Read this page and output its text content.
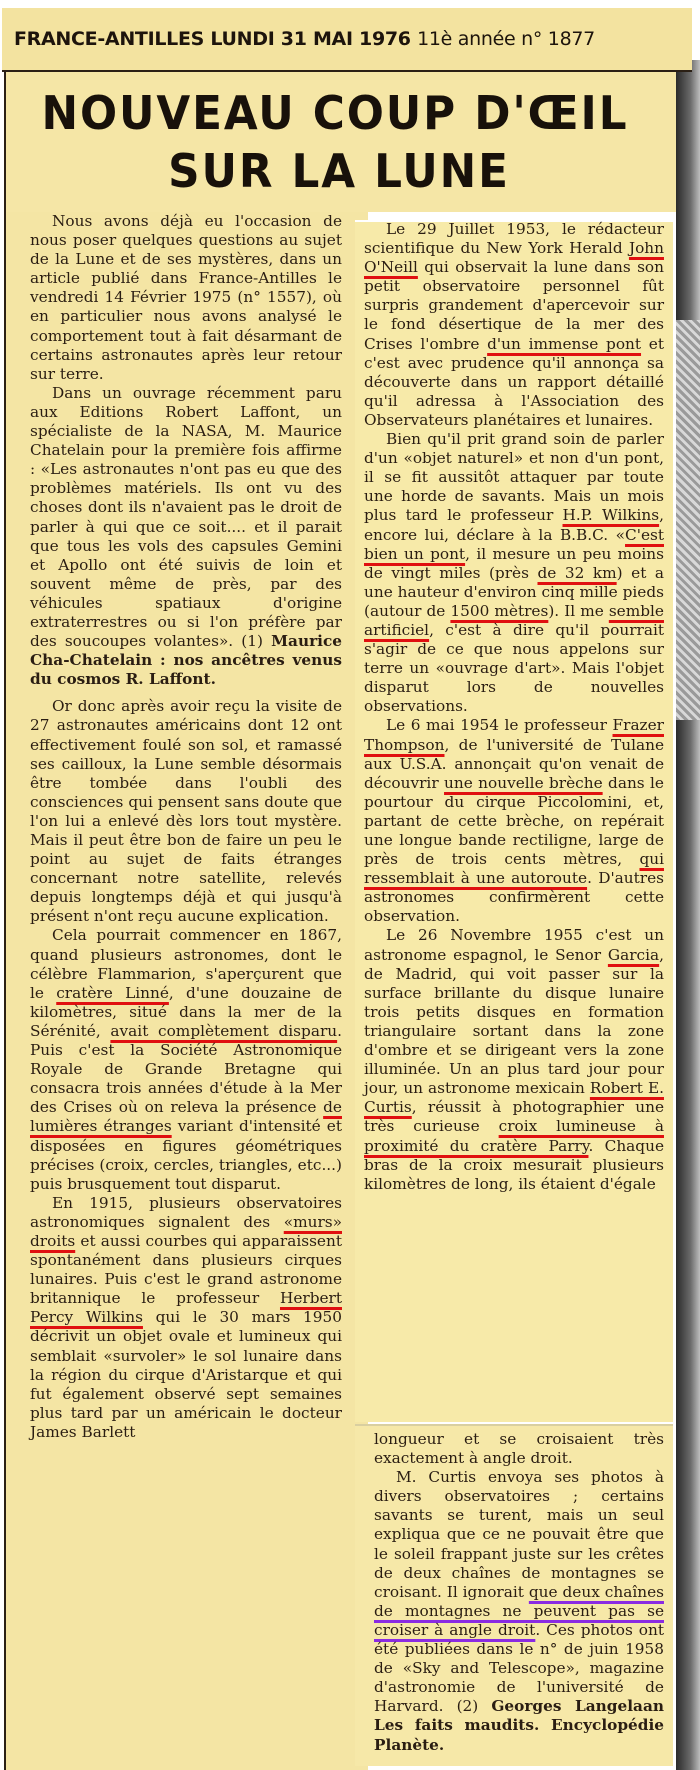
FRANCE-ANTILLES LUNDI 31 MAI 1976 11è année n° 1877
NOUVEAU COUP D'ŒIL
SUR LA LUNE

Nous avons déjà eu l'occasion de nous poser quelques questions au sujet de la Lune et de ses mystères, dans un article publié dans France-Antilles le vendredi 14 Février 1975 (n° 1557), où en particulier nous avons analysé le comportement tout à fait désarmant de certains astronautes après leur retour sur terre.

Dans un ouvrage récemment paru aux Editions Robert Laffont, un spécialiste de la NASA, M. Maurice Chatelain pour la première fois affirme : «Les astronautes n'ont pas eu que des problèmes matériels. Ils ont vu des choses dont ils n'avaient pas le droit de parler à qui que ce soit.... et il parait que tous les vols des capsules Gemini et Apollo ont été suivis de loin et souvent même de près, par des véhicules spatiaux d'origine extraterrestres ou si l'on préfère par des soucoupes volantes». (1) Maurice Cha-Chatelain : nos ancêtres venus du cosmos R. Laffont.

Or donc après avoir reçu la visite de 27 astronautes américains dont 12 ont effectivement foulé son sol, et ramassé ses cailloux, la Lune semble désormais être tombée dans l'oubli des consciences qui pensent sans doute que l'on lui a enlevé dès lors tout mystère. Mais il peut être bon de faire un peu le point au sujet de faits étranges concernant notre satellite, relevés depuis longtemps déjà et qui jusqu'à présent n'ont reçu aucune explication.

Cela pourrait commencer en 1867, quand plusieurs astronomes, dont le célèbre Flammarion, s'aperçurent que le cratère Linné, d'une douzaine de kilomètres, situé dans la mer de la Sérénité, avait complètement disparu. Puis c'est la Société Astronomique Royale de Grande Bretagne qui consacra trois années d'étude à la Mer des Crises où on releva la présence de lumières étranges variant d'intensité et disposées en figures géométriques précises (croix, cercles, triangles, etc...) puis brusquement tout disparut.

En 1915, plusieurs observatoires astronomiques signalent des «murs» droits et aussi courbes qui apparaissent spontanément dans plusieurs cirques lunaires. Puis c'est le grand astronome britannique le professeur Herbert Percy Wilkins qui le 30 mars 1950 décrivit un objet ovale et lumineux qui semblait «survoler» le sol lunaire dans la région du cirque d'Aristarque et qui fut également observé sept semaines plus tard par un américain le docteur James Barlett

Le 29 Juillet 1953, le rédacteur scientifique du New York Herald John O'Neill qui observait la lune dans son petit observatoire personnel fût surpris grandement d'apercevoir sur le fond désertique de la mer des Crises l'ombre d'un immense pont et c'est avec prudence qu'il annonça sa découverte dans un rapport détaillé qu'il adressa à l'Association des Observateurs planétaires et lunaires.

Bien qu'il prit grand soin de parler d'un «objet naturel» et non d'un pont, il se fit aussitôt attaquer par toute une horde de savants. Mais un mois plus tard le professeur H.P. Wilkins, encore lui, déclare à la B.B.C. «C'est bien un pont, il mesure un peu moins de vingt miles (près de 32 km) et a une hauteur d'environ cinq mille pieds (autour de 1500 mètres). Il me semble artificiel, c'est à dire qu'il pourrait s'agir de ce que nous appelons sur terre un «ouvrage d'art». Mais l'objet disparut lors de nouvelles observations.

Le 6 mai 1954 le professeur Frazer Thompson, de l'université de Tulane aux U.S.A. annonçait qu'on venait de découvrir une nouvelle brèche dans le pourtour du cirque Piccolomini, et, partant de cette brèche, on repérait une longue bande rectiligne, large de près de trois cents mètres, qui ressemblait à une autoroute. D'autres astronomes confirmèrent cette observation.

Le 26 Novembre 1955 c'est un astronome espagnol, le Senor Garcia, de Madrid, qui voit passer sur la surface brillante du disque lunaire trois petits disques en formation triangulaire sortant dans la zone d'ombre et se dirigeant vers la zone illuminée. Un an plus tard jour pour jour, un astronome mexicain Robert E. Curtis, réussit à photographier une très curieuse croix lumineuse à proximité du cratère Parry. Chaque bras de la croix mesurait plusieurs kilomètres de long, ils étaient d'égale

longueur et se croisaient très exactement à angle droit.

M. Curtis envoya ses photos à divers observatoires ; certains savants se turent, mais un seul expliqua que ce ne pouvait être que le soleil frappant juste sur les crêtes de deux chaînes de montagnes se croisant. Il ignorait que deux chaînes de montagnes ne peuvent pas se croiser à angle droit. Ces photos ont été publiées dans le n° de juin 1958 de «Sky and Telescope», magazine d'astronomie de l'université de Harvard. (2) Georges Langelaan Les faits maudits. Encyclopédie Planète.
